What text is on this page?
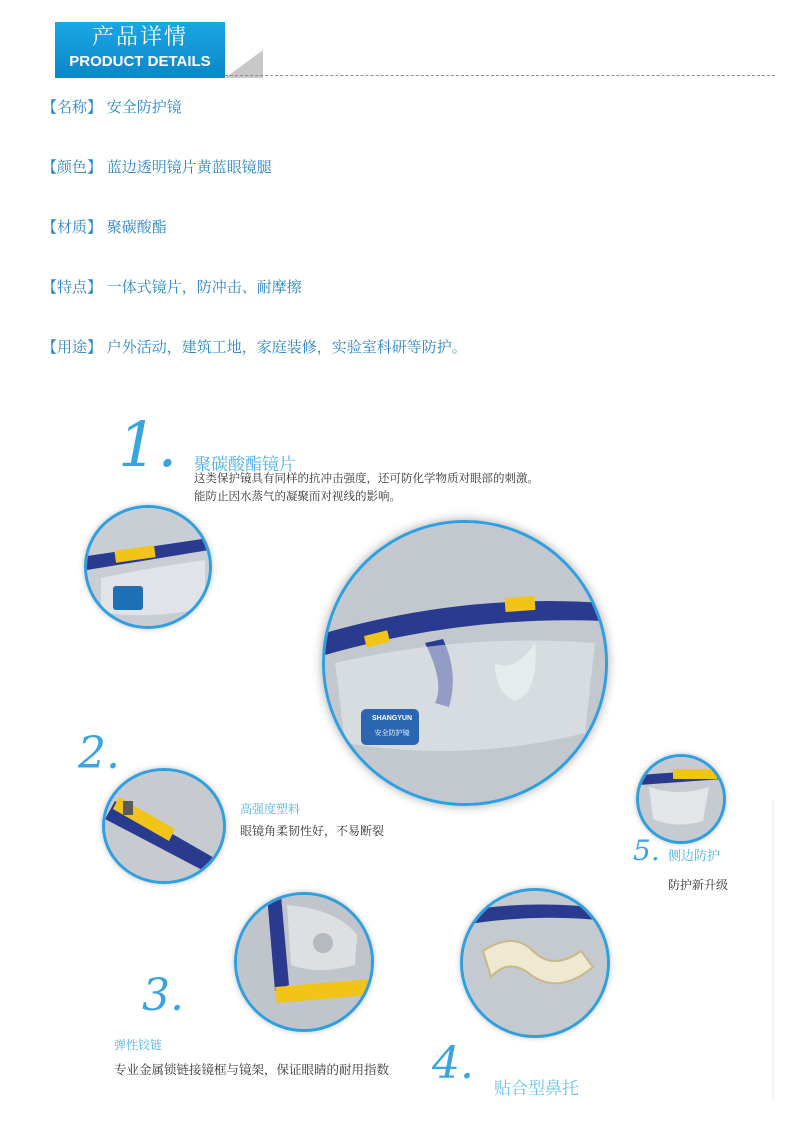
产品详情
PRODUCT DETAILS
【名称】 安全防护镜
【颜色】 蓝边透明镜片黄蓝眼镜腿
【材质】 聚碳酸酯
【特点】 一体式镜片，防冲击、耐摩擦
【用途】 户外活动，建筑工地，家庭装修，实验室科研等防护。
1. 聚碳酸酯镜片
这类保护镜具有同样的抗冲击强度，还可防化学物质对眼部的刺激。
能防止因水蒸气的凝聚而对视线的影响。
SHANGYUN
安全防护镜
2.
高强度塑料
眼镜角柔韧性好，不易断裂
5. 侧边防护
防护新升级
3.
弹性铰链
专业金属锁链接镜框与镜架，保证眼睛的耐用指数 4. 贴合型鼻托
